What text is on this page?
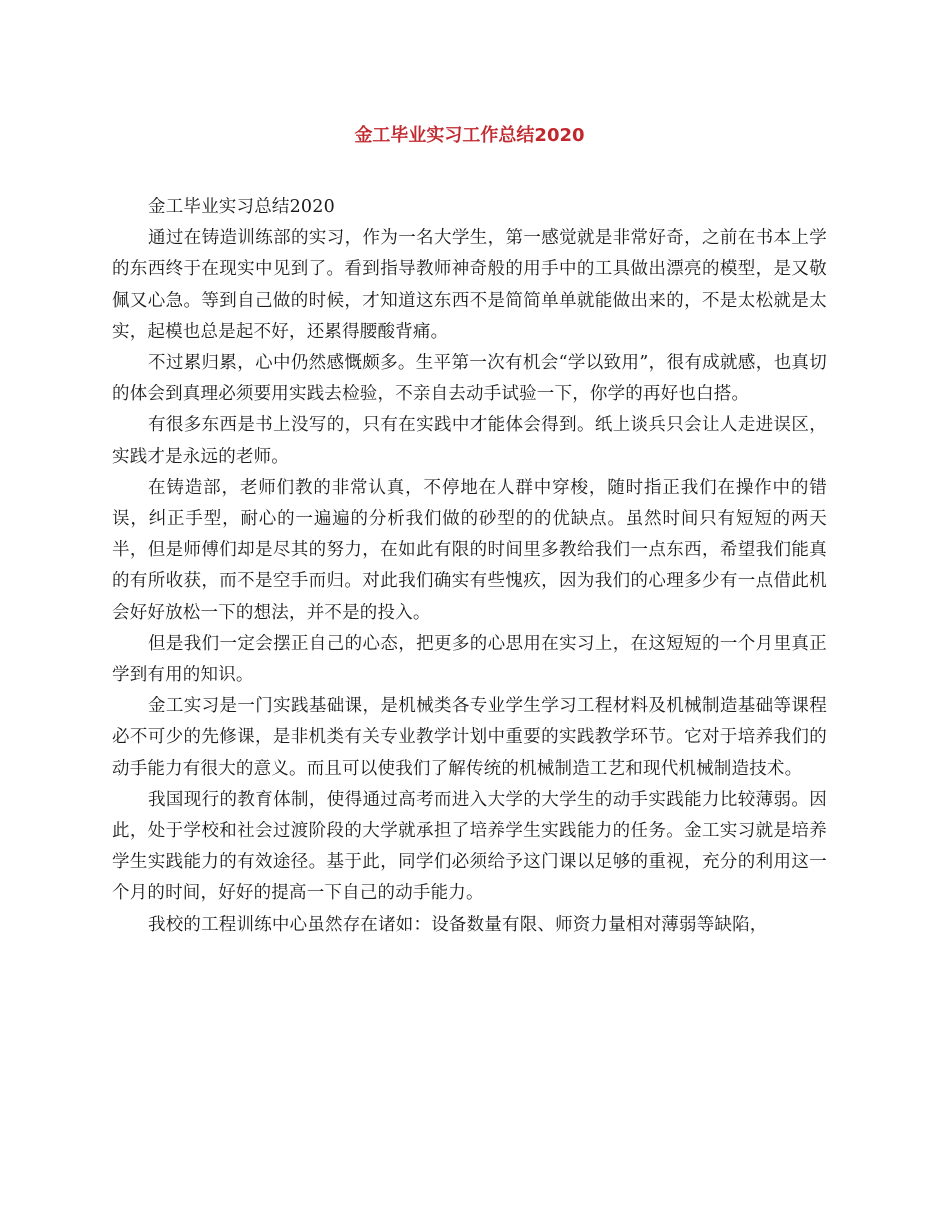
金工毕业实习工作总结2020

金工毕业实习总结2020

通过在铸造训练部的实习，作为一名大学生，第一感觉就是非常好奇，之前在书本上学的东西终于在现实中见到了。看到指导教师神奇般的用手中的工具做出漂亮的模型，是又敬佩又心急。等到自己做的时候，才知道这东西不是简简单单就能做出来的，不是太松就是太实，起模也总是起不好，还累得腰酸背痛。

不过累归累，心中仍然感慨颇多。生平第一次有机会“学以致用”，很有成就感，也真切的体会到真理必须要用实践去检验，不亲自去动手试验一下，你学的再好也白搭。

有很多东西是书上没写的，只有在实践中才能体会得到。纸上谈兵只会让人走进误区，实践才是永远的老师。

在铸造部，老师们教的非常认真，不停地在人群中穿梭，随时指正我们在操作中的错误，纠正手型，耐心的一遍遍的分析我们做的砂型的的优缺点。虽然时间只有短短的两天半，但是师傅们却是尽其的努力，在如此有限的时间里多教给我们一点东西，希望我们能真的有所收获，而不是空手而归。对此我们确实有些愧疚，因为我们的心理多少有一点借此机会好好放松一下的想法，并不是的投入。

但是我们一定会摆正自己的心态，把更多的心思用在实习上，在这短短的一个月里真正学到有用的知识。

金工实习是一门实践基础课，是机械类各专业学生学习工程材料及机械制造基础等课程必不可少的先修课，是非机类有关专业教学计划中重要的实践教学环节。它对于培养我们的动手能力有很大的意义。而且可以使我们了解传统的机械制造工艺和现代机械制造技术。

我国现行的教育体制，使得通过高考而进入大学的大学生的动手实践能力比较薄弱。因此，处于学校和社会过渡阶段的大学就承担了培养学生实践能力的任务。金工实习就是培养学生实践能力的有效途径。基于此，同学们必须给予这门课以足够的重视，充分的利用这一个月的时间，好好的提高一下自己的动手能力。

我校的工程训练中心虽然存在诸如：设备数量有限、师资力量相对薄弱等缺陷，
